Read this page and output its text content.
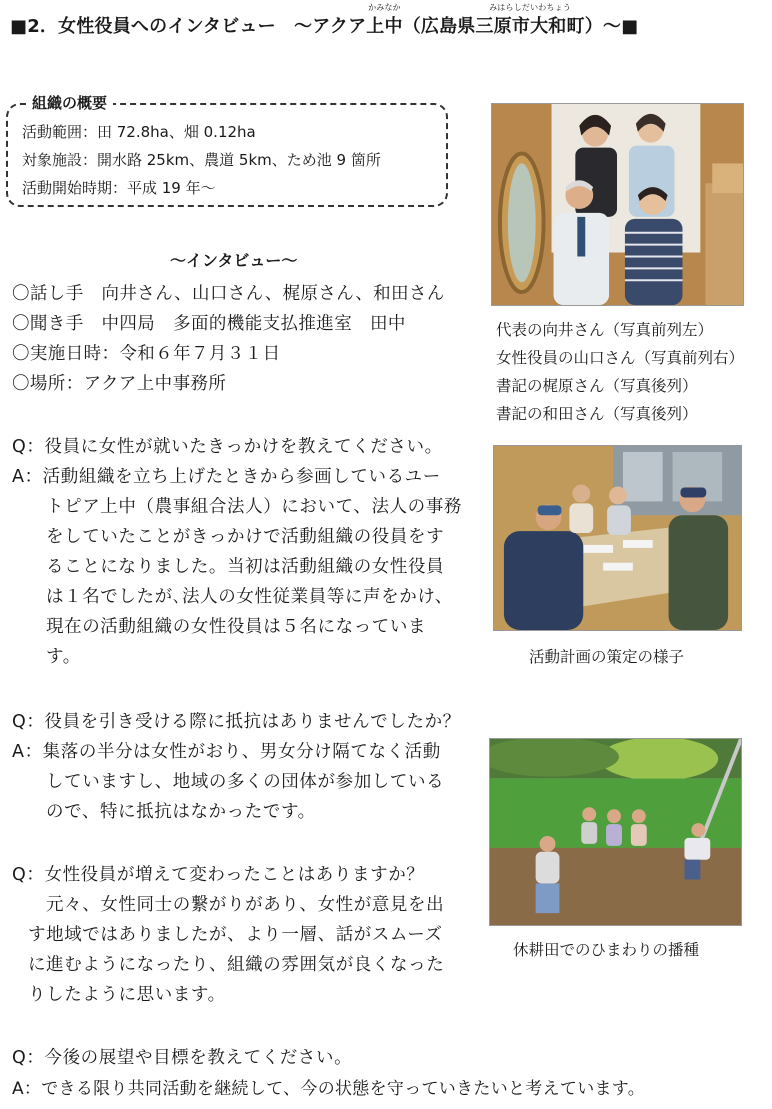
■2．女性役員へのインタビュー　～アクア
かみなか
上中（広島県
みはらしだいわちょう
三原市大和町）～■
組織の概要
活動範囲：田 72.8ha、畑 0.12ha
対象施設：開水路 25km、農道 5km、ため池 9 箇所
活動開始時期：平成 19 年～
～インタビュー～
〇話し手　向井さん、山口さん、梶原さん、和田さん
〇聞き手　中四局　多面的機能支払推進室　田中
〇実施日時：令和６年７月３１日
〇場所：アクア上中事務所
Q：役員に女性が就いたきっかけを教えてください。
A：活動組織を立ち上げたときから参画しているユー
トピア上中（農事組合法人）において、法人の事務
をしていたことがきっかけで活動組織の役員をす
ることになりました。当初は活動組織の女性役員
は１名でしたが､法人の女性従業員等に声をかけ、
現在の活動組織の女性役員は５名になっていま
す。
Q：役員を引き受ける際に抵抗はありませんでしたか？
A：集落の半分は女性がおり、男女分け隔てなく活動
していますし、地域の多くの団体が参加している
ので、特に抵抗はなかったです。
Q：女性役員が増えて変わったことはありますか？
元々、女性同士の繋がりがあり、女性が意見を出
す地域ではありましたが、より一層、話がスムーズ
に進むようになったり、組織の雰囲気が良くなった
りしたように思います。
Q：今後の展望や目標を教えてください。
A：できる限り共同活動を継続して、今の状態を守っていきたいと考えています。
代表の向井さん（写真前列左）
女性役員の山口さん（写真前列右）
書記の梶原さん（写真後列）
書記の和田さん（写真後列）
活動計画の策定の様子
休耕田でのひまわりの播種
